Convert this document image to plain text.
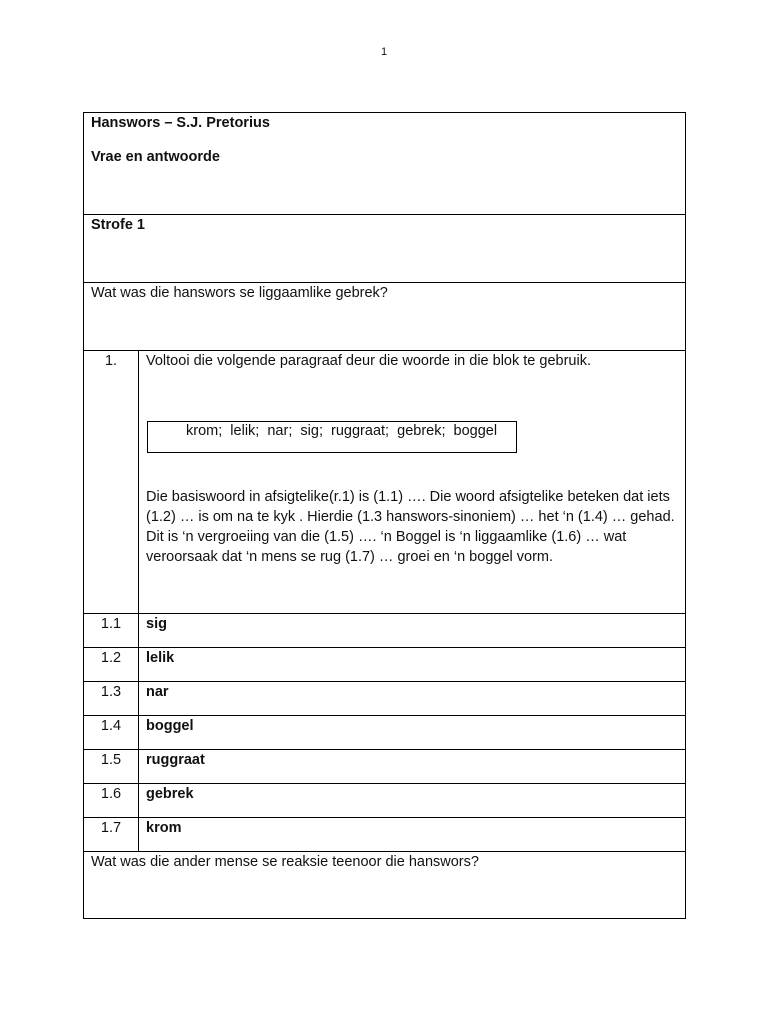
1
Hanswors – S.J. Pretorius
Vrae en antwoorde	

Strofe 1	
Wat was die hanswors se liggaamlike gebrek?	
1.	Voltooi die volgende paragraaf deur die woorde in die blok te gebruik.
krom;  lelik;  nar;  sig;  ruggraat;  gebrek;  boggel
Die basiswoord in afsigtelike(r.1) is (1.1) …. Die woord afsigtelike beteken dat iets (1.2) … is om na te kyk . Hierdie (1.3 hanswors-sinoniem) … het ‘n (1.4) … gehad. Dit is ‘n vergroeiing van die (1.5) …. ‘n Boggel is ‘n liggaamlike (1.6) … wat veroorsaak dat ‘n mens se rug (1.7) … groei en ‘n boggel vorm.

1.1	sig
1.2	lelik
1.3	nar
1.4	boggel
1.5	ruggraat
1.6	gebrek
1.7	krom
Wat was die ander mense se reaksie teenoor die hanswors?	
